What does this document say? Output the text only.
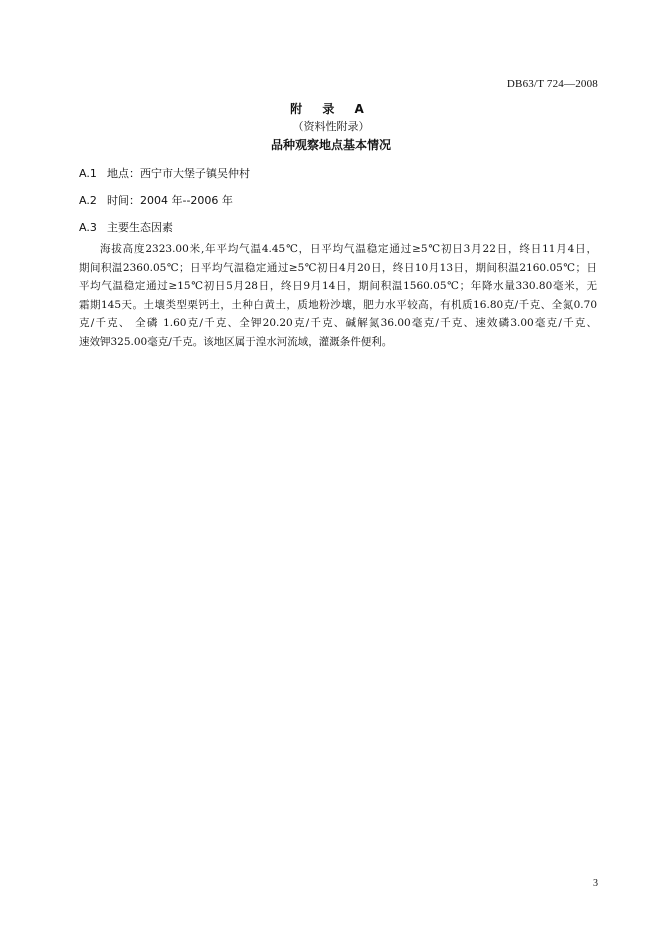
DB63/T 724—2008
附 录 A
（资料性附录）
品种观察地点基本情况
A.1 地点：西宁市大堡子镇吴仲村
A.2 时间：2004 年--2006 年
A.3 主要生态因素
海拔高度2323.00米,年平均气温4.45℃，日平均气温稳定通过≥5℃初日3月22日，终日11月4日，
期间积温2360.05℃；日平均气温稳定通过≥5℃初日4月20日，终日10月13日，期间积温2160.05℃；日
平均气温稳定通过≥15℃初日5月28日，终日9月14日，期间积温1560.05℃；年降水量330.80毫米，无
霜期145天。土壤类型栗钙土，土种白黄土，质地粉沙壤，肥力水平较高，有机质16.80克/千克、全氮0.70
克/千克、 全磷 1.60克/千克、全钾20.20克/千克、碱解氮36.00毫克/千克、速效磷3.00毫克/千克、
速效钾325.00毫克/千克。该地区属于湟水河流域，灌溉条件便利。
3
